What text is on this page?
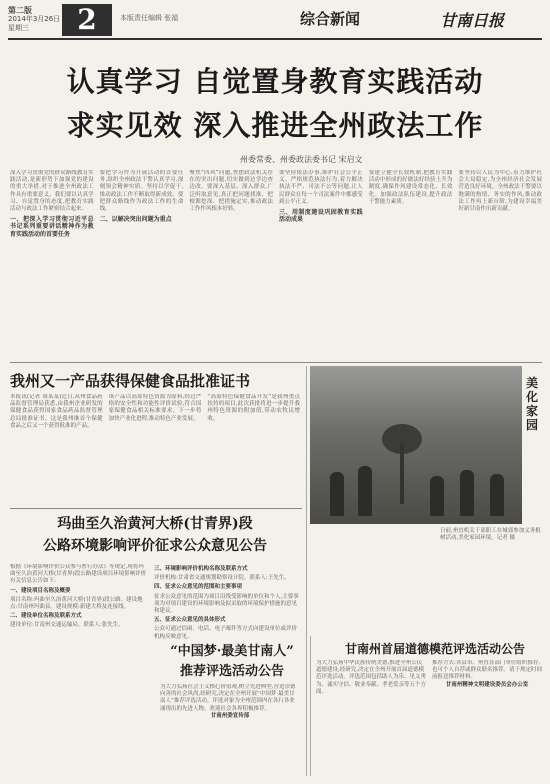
第二版
2014年3月26日
星期三	2	本版责任编辑 张福	综合新闻	甘南日报
认真学习 自觉置身教育实践活动
求实见效 深入推进全州政法工作
州委常委、州委政法委书记 宋启文
深入学习贯彻党的群众路线教育实践活动,是新形势下加强党的建设的重大举措,对于推进全州政法工作具有重要意义。我们要以认真学习、自觉置身的态度,把教育实践活动与政法工作紧密结合起来。
一、把深入学习贯彻习近平总书记系列重要讲话精神作为教育实践活动的首要任务
要把学习作为开展活动的首要任务,组织全州政法干警认真学习,深刻领会精神实质。坚持以学促干,推动政法工作不断取得新成效。要把群众路线作为政法工作的生命线。
二、以解决突出问题为重点
聚焦“四风”问题,查摆政法机关存在的突出问题,切实做到边学边查边改。要深入基层、深入群众,广泛听取意见,真正把问题找准、把根源挖深、把措施定实,推动政法工作作风根本好转。
要坚持依法办事,维护社会公平正义。严格规范执法行为,着力解决执法不严、司法不公等问题,让人民群众在每一个司法案件中都感受到公平正义。
三、用制度建设巩固教育实践活动成果
要建立健全长效机制,把教育实践活动中形成的好做法好经验上升为制度,确保作风建设常态化、长效化。加强政法队伍建设,提升政法干警能力素质。
要坚持以人民为中心,着力维护社会大局稳定,为全州经济社会发展营造良好环境。全州政法干警要以饱满的热情、务实的作风,推动政法工作再上新台阶,为建设幸福美好新甘南作出新贡献。
我州又一产品获得保健食品批准证书
本报讯(记者 周某某)近日,从州食品药品监督管理局获悉,由我州企业研发的保健食品获得国家食品药品监督管理总局批准证书。这是我州继首个保健食品之后又一个获得批准的产品。
该产品以高原特色资源为原料,经过严格的安全性和功能性评价试验,符合国家保健食品相关标准要求。下一步将加快产业化进程,推动特色产业发展。
“高原特色保健食品开发”是我州重点扶持的项目,此次获批将进一步提升我州特色资源的附加值,带动农牧民增收。
美化家园
日前,州直机关干部职工在城郊参加义务植树活动,美化家园环境。记者 摄
玛曲至久治黄河大桥(甘青界)段
公路环境影响评价征求公众意见公告
根据《环境影响评价公众参与暂行办法》等规定,现将玛曲至久治黄河大桥(甘青界)段公路建设项目环境影响评价有关信息公告如下:
一、建设项目名称及概要
项目名称:玛曲至久治黄河大桥(甘青界)段公路。建设地点:甘南州玛曲县。建设规模:新建大桥及连接线。
二、建设单位名称及联系方式
建设单位:甘南州交通运输局。联系人:张先生。
三、环境影响评价机构名称及联系方式
评价机构:甘肃省交通规划勘察设计院。联系人:王先生。
四、征求公众意见的范围和主要事项
征求公众意见的范围为项目沿线受影响的单位和个人,主要事项为对项目建设的环境影响及拟采取的环境保护措施的意见和建议。
五、征求公众意见的具体形式
公众可通过信函、电话、电子邮件等方式向建设单位或评价机构反映意见。
“中国梦·最美甘南人”
推荐评选活动公告
为大力弘扬社会主义核心价值观,树立先进典型,营造崇德向善的社会风尚,经研究,决定在全州开展“中国梦·最美甘南人”推荐评选活动。评选对象为全州范围内在各行各业涌现出的先进人物。欢迎社会各界积极推荐。
甘南州委宣传部
甘南州首届道德模范评选活动公告
为大力弘扬中华民族传统美德,推进全州公民道德建设,经研究,决定在全州开展首届道德模范评选活动。评选范围包括助人为乐、见义勇为、诚实守信、敬业奉献、孝老爱亲等五个方面。
推荐方式:各县市、州直各部门单位组织推荐,也可个人自荐或群众联名推荐。请于规定时间前报送推荐材料。
甘南州精神文明建设委员会办公室
